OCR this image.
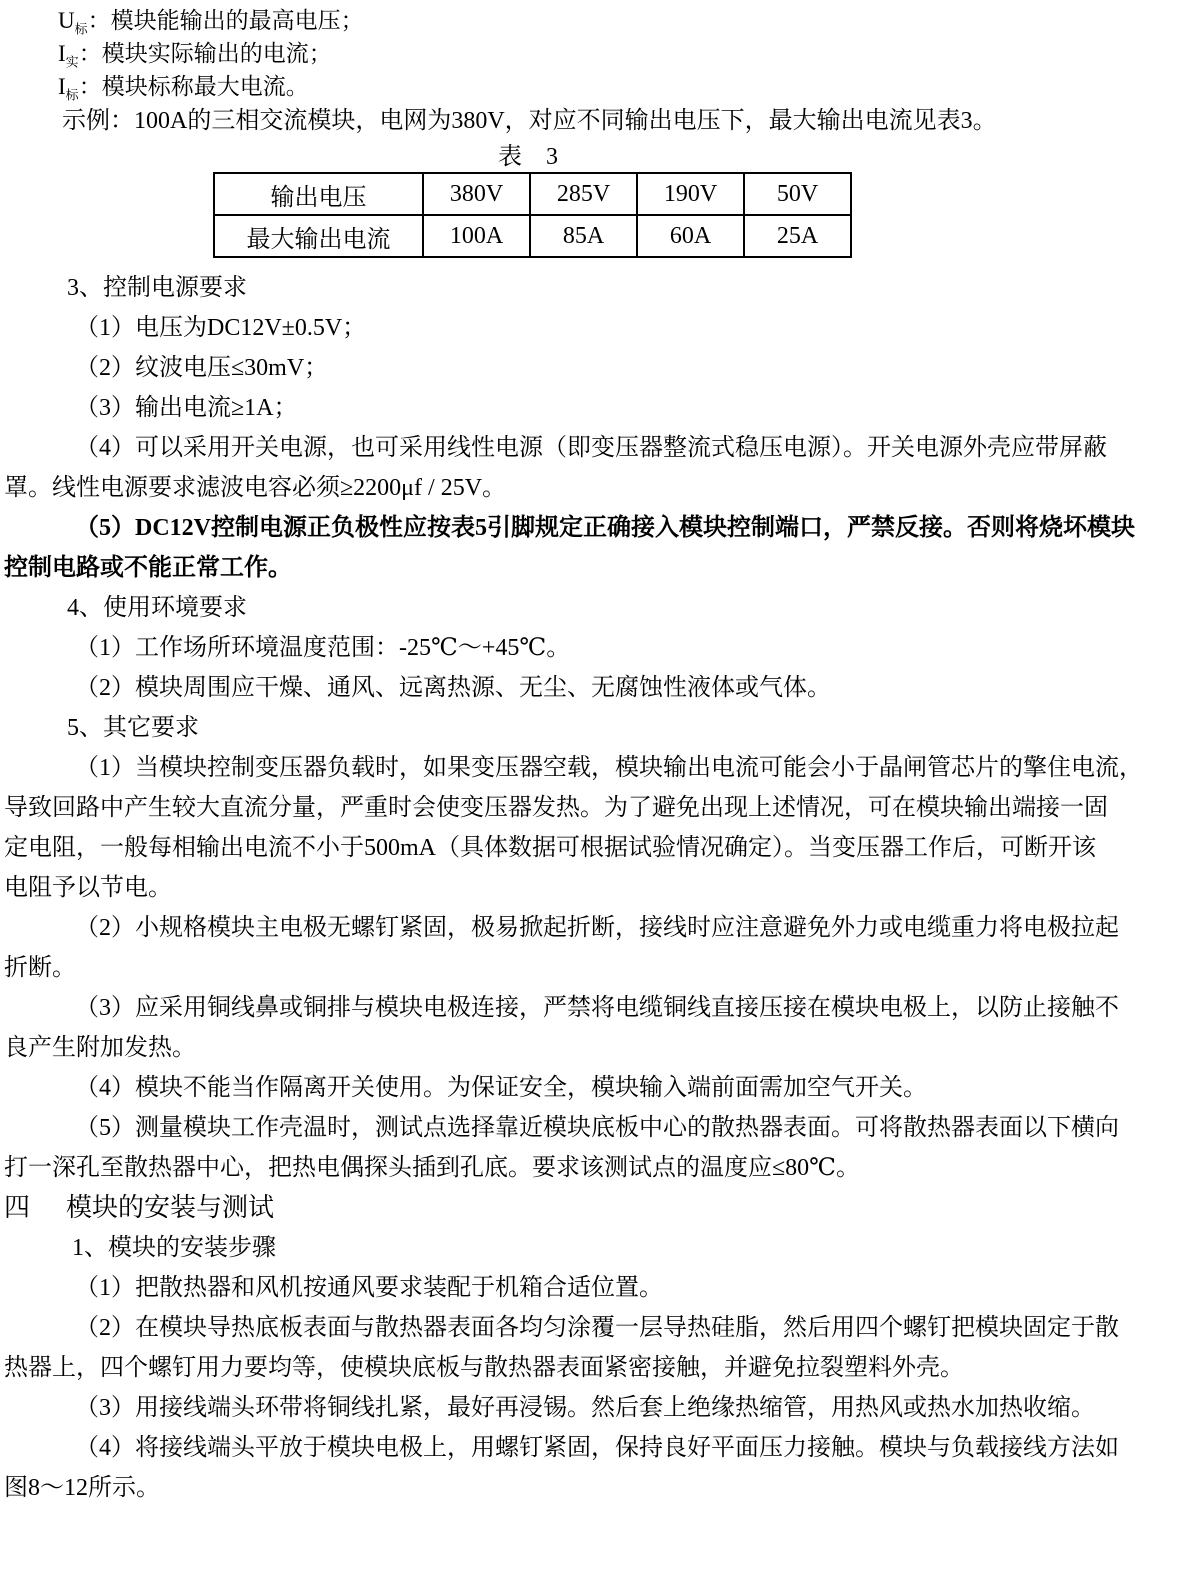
$U_标$：模块能输出的最高电压；
$I_实$：模块实际输出的电流；
$I_标$：模块标称最大电流。
示例：100A的三相交流模块，电网为380V，对应不同输出电压下，最大输出电流见表3。
表　3
输出电压	380V	285V	190V	50V
最大输出电流	100A	85A	60A	25A
3、控制电源要求
（1）电压为DC12V±0.5V；
（2）纹波电压≤30mV；
（3）输出电流≥1A；
（4）可以采用开关电源，也可采用线性电源（即变压器整流式稳压电源）。开关电源外壳应带屏蔽
罩。线性电源要求滤波电容必须≥2200μf / 25V。
（5）DC12V控制电源正负极性应按表5引脚规定正确接入模块控制端口，严禁反接。否则将烧坏模块
控制电路或不能正常工作。
4、使用环境要求
（1）工作场所环境温度范围：-25℃～+45℃。
（2）模块周围应干燥、通风、远离热源、无尘、无腐蚀性液体或气体。
5、其它要求
（1）当模块控制变压器负载时，如果变压器空载，模块输出电流可能会小于晶闸管芯片的擎住电流，
导致回路中产生较大直流分量，严重时会使变压器发热。为了避免出现上述情况，可在模块输出端接一固
定电阻，一般每相输出电流不小于500mA（具体数据可根据试验情况确定）。当变压器工作后，可断开该
电阻予以节电。
（2）小规格模块主电极无螺钉紧固，极易掀起折断，接线时应注意避免外力或电缆重力将电极拉起
折断。
（3）应采用铜线鼻或铜排与模块电极连接，严禁将电缆铜线直接压接在模块电极上，以防止接触不
良产生附加发热。
（4）模块不能当作隔离开关使用。为保证安全，模块输入端前面需加空气开关。
（5）测量模块工作壳温时，测试点选择靠近模块底板中心的散热器表面。可将散热器表面以下横向
打一深孔至散热器中心，把热电偶探头插到孔底。要求该测试点的温度应≤80℃。
四 模块的安装与测试
1、模块的安装步骤
（1）把散热器和风机按通风要求装配于机箱合适位置。
（2）在模块导热底板表面与散热器表面各均匀涂覆一层导热硅脂，然后用四个螺钉把模块固定于散
热器上，四个螺钉用力要均等，使模块底板与散热器表面紧密接触，并避免拉裂塑料外壳。
（3）用接线端头环带将铜线扎紧，最好再浸锡。然后套上绝缘热缩管，用热风或热水加热收缩。
（4）将接线端头平放于模块电极上，用螺钉紧固，保持良好平面压力接触。模块与负载接线方法如
图8～12所示。
